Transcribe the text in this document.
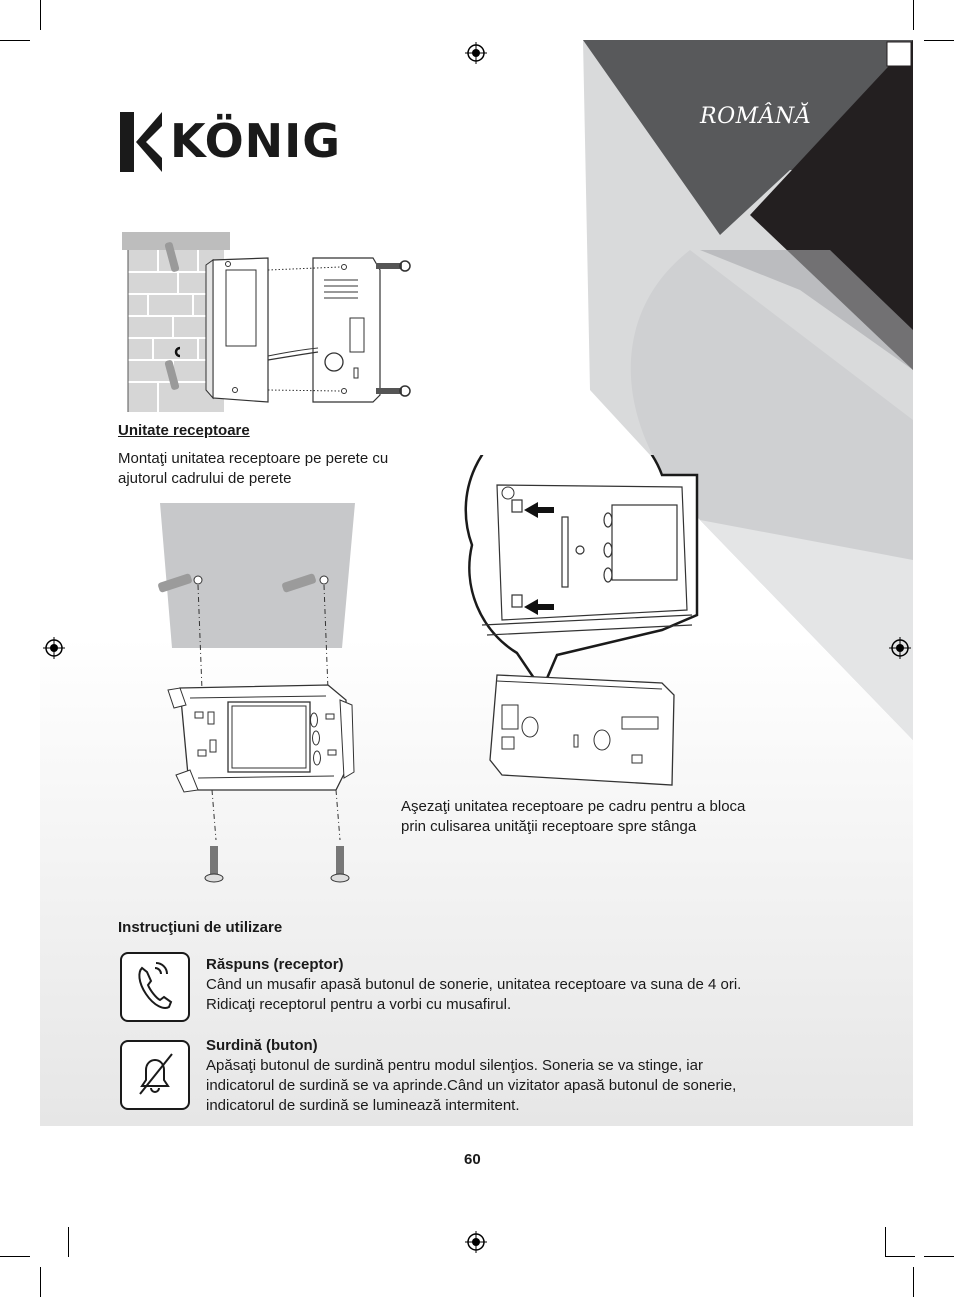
ROMÂNĂ
KÖNIG
Unitate receptoare
Montaţi unitatea receptoare pe perete cu ajutorul cadrului de perete
Aşezaţi unitatea receptoare pe cadru pentru a bloca prin culisarea unităţii receptoare spre stânga
Instrucţiuni de utilizare
Răspuns (receptor)
Când un musafir apasă butonul de sonerie, unitatea receptoare va suna de 4 ori. Ridicaţi receptorul pentru a vorbi cu musafirul.
Surdină (buton)
Apăsaţi butonul de surdină pentru modul silenţios. Soneria se va stinge, iar indicatorul de surdină se va aprinde.Când un vizitator apasă butonul de sonerie, indicatorul de surdină se luminează intermitent.
60
